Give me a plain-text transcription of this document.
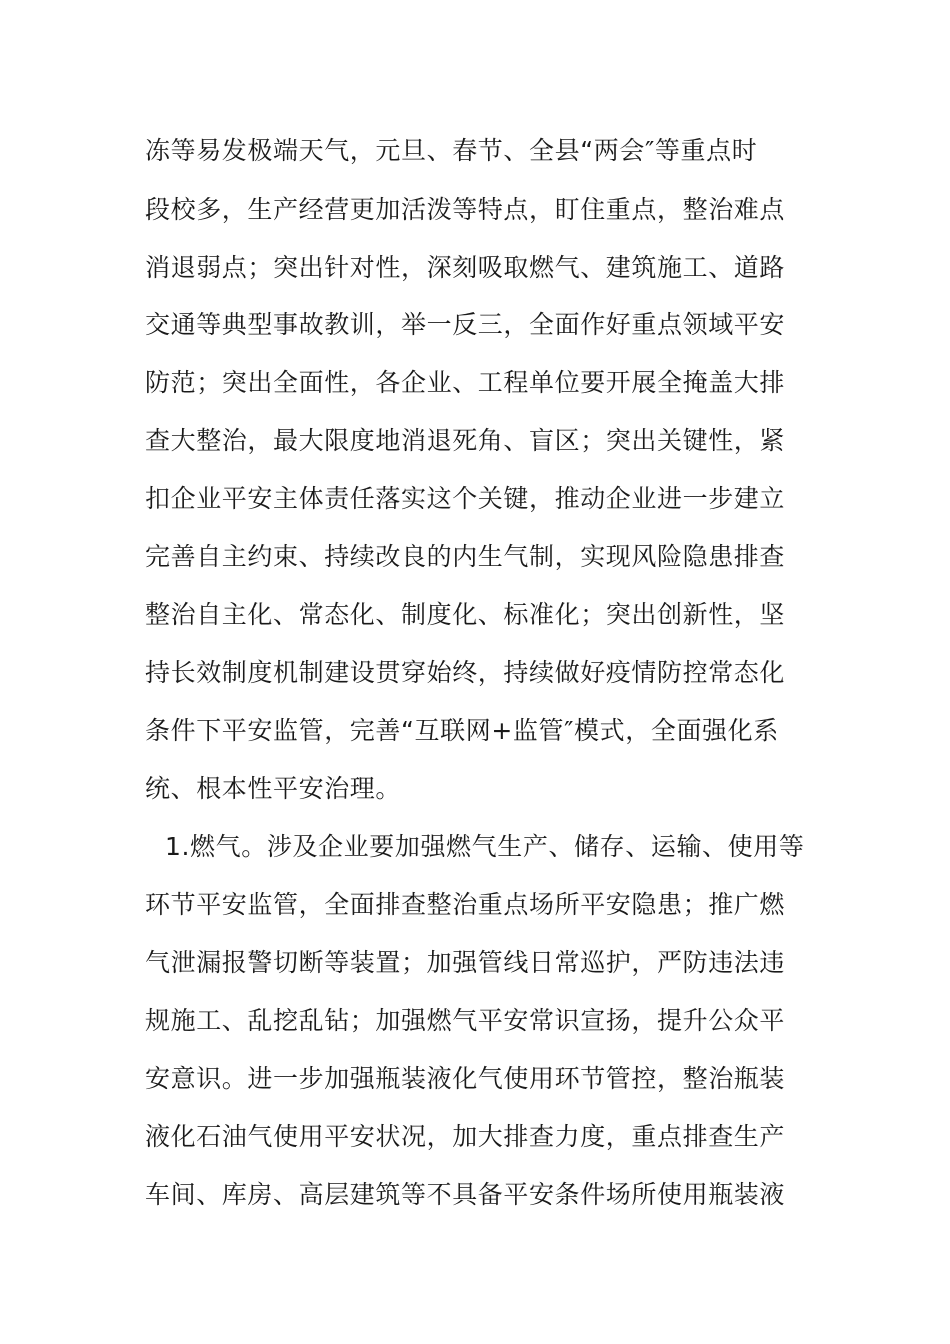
冻等易发极端天气，元旦、春节、全县“两会″等重点时
段校多，生产经营更加活泼等特点，盯住重点，整治难点
消退弱点；突出针对性，深刻吸取燃气、建筑施工、道路
交通等典型事故教训，举一反三，全面作好重点领域平安
防范；突出全面性，各企业、工程单位要开展全掩盖大排
查大整治，最大限度地消退死角、盲区；突出关键性，紧
扣企业平安主体责任落实这个关键，推动企业进一步建立
完善自主约束、持续改良的内生气制，实现风险隐患排查
整治自主化、常态化、制度化、标准化；突出创新性，坚
持长效制度机制建设贯穿始终，持续做好疫情防控常态化
条件下平安监管，完善“互联网+监管″模式，全面强化系
统、根本性平安治理。
1.燃气。涉及企业要加强燃气生产、储存、运输、使用等
环节平安监管，全面排查整治重点场所平安隐患；推广燃
气泄漏报警切断等装置；加强管线日常巡护，严防违法违
规施工、乱挖乱钻；加强燃气平安常识宣扬，提升公众平
安意识。进一步加强瓶装液化气使用环节管控，整治瓶装
液化石油气使用平安状况，加大排查力度，重点排查生产
车间、库房、高层建筑等不具备平安条件场所使用瓶装液
